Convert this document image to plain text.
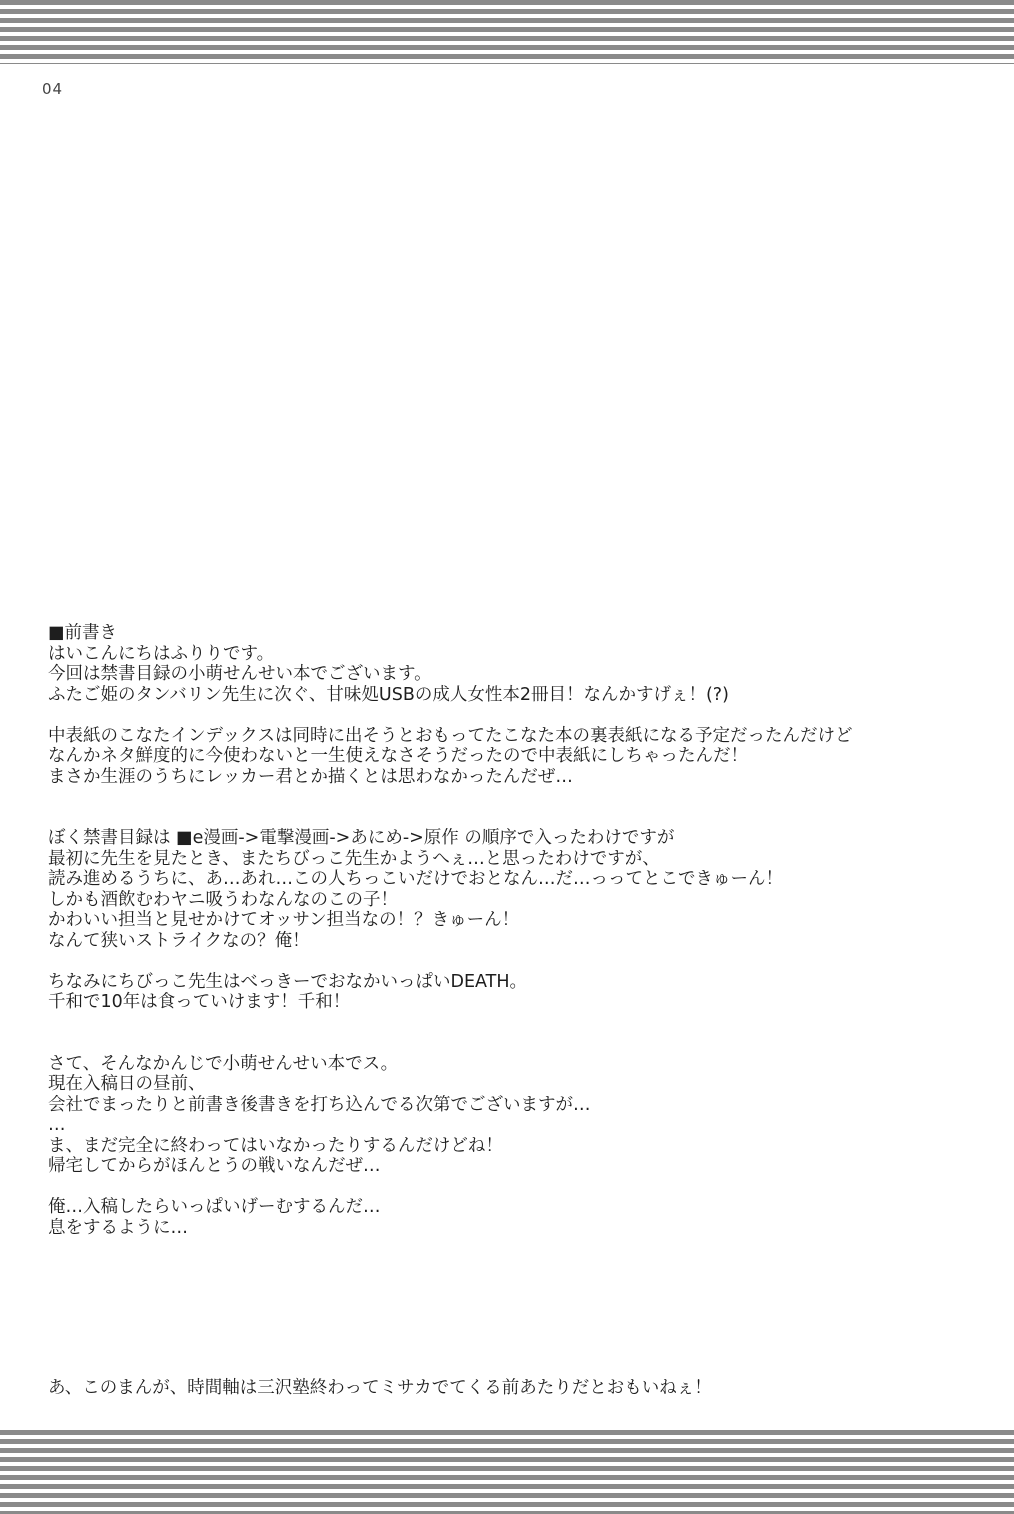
04
■前書き
はいこんにちはふりりです。
今回は禁書目録の小萌せんせい本でございます。
ふたご姫のタンバリン先生に次ぐ、甘味処USBの成人女性本2冊目！なんかすげぇ！(?)
中表紙のこなたインデックスは同時に出そうとおもってたこなた本の裏表紙になる予定だったんだけど
なんかネタ鮮度的に今使わないと一生使えなさそうだったので中表紙にしちゃったんだ！
まさか生涯のうちにレッカー君とか描くとは思わなかったんだぜ…
ぼく禁書目録は ■e漫画->電撃漫画->あにめ->原作 の順序で入ったわけですが
最初に先生を見たとき、またちびっこ先生かようへぇ…と思ったわけですが、
読み進めるうちに、あ…あれ…この人ちっこいだけでおとなん…だ…っってとこできゅーん！
しかも酒飲むわヤニ吸うわなんなのこの子！
かわいい担当と見せかけてオッサン担当なの！？きゅーん！
なんて狭いストライクなの？俺！
ちなみにちびっこ先生はべっきーでおなかいっぱいDEATH。
千和で10年は食っていけます！千和！
さて、そんなかんじで小萌せんせい本でス。
現在入稿日の昼前、
会社でまったりと前書き後書きを打ち込んでる次第でございますが…
…
ま、まだ完全に終わってはいなかったりするんだけどね！
帰宅してからがほんとうの戦いなんだぜ…
俺…入稿したらいっぱいげーむするんだ…
息をするように…
あ、このまんが、時間軸は三沢塾終わってミサカでてくる前あたりだとおもいねぇ！
